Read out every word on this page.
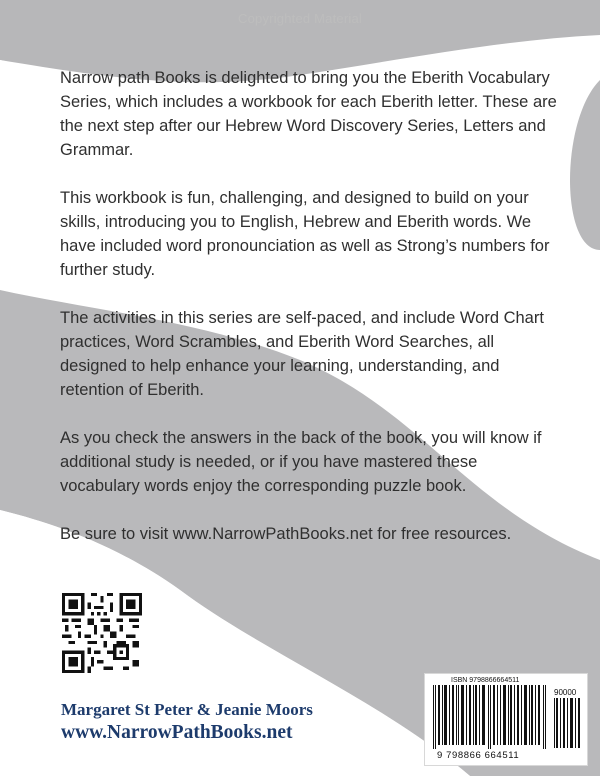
Copyrighted Material

Narrow path Books is delighted to bring you the Eberith Vocabulary Series, which includes a workbook for each Eberith letter. These are the next step after our Hebrew Word Discovery Series, Letters and Grammar.

This workbook is fun, challenging, and designed to build on your skills, introducing you to English, Hebrew and Eberith words. We have included word pronounciation as well as Strong’s numbers for further study.

The activities in this series are self-paced, and include Word Chart practices, Word Scrambles, and Eberith Word Searches, all designed to help enhance your learning, understanding, and retention of Eberith.

As you check the answers in the back of the book, you will know if additional study is needed, or if you have mastered these vocabulary words enjoy the corresponding puzzle book.

Be sure to visit www.NarrowPathBooks.net for free resources.

Margaret St Peter & Jeanie Moors
www.NarrowPathBooks.net
ISBN 9798866664511
90000
9 798866 664511
